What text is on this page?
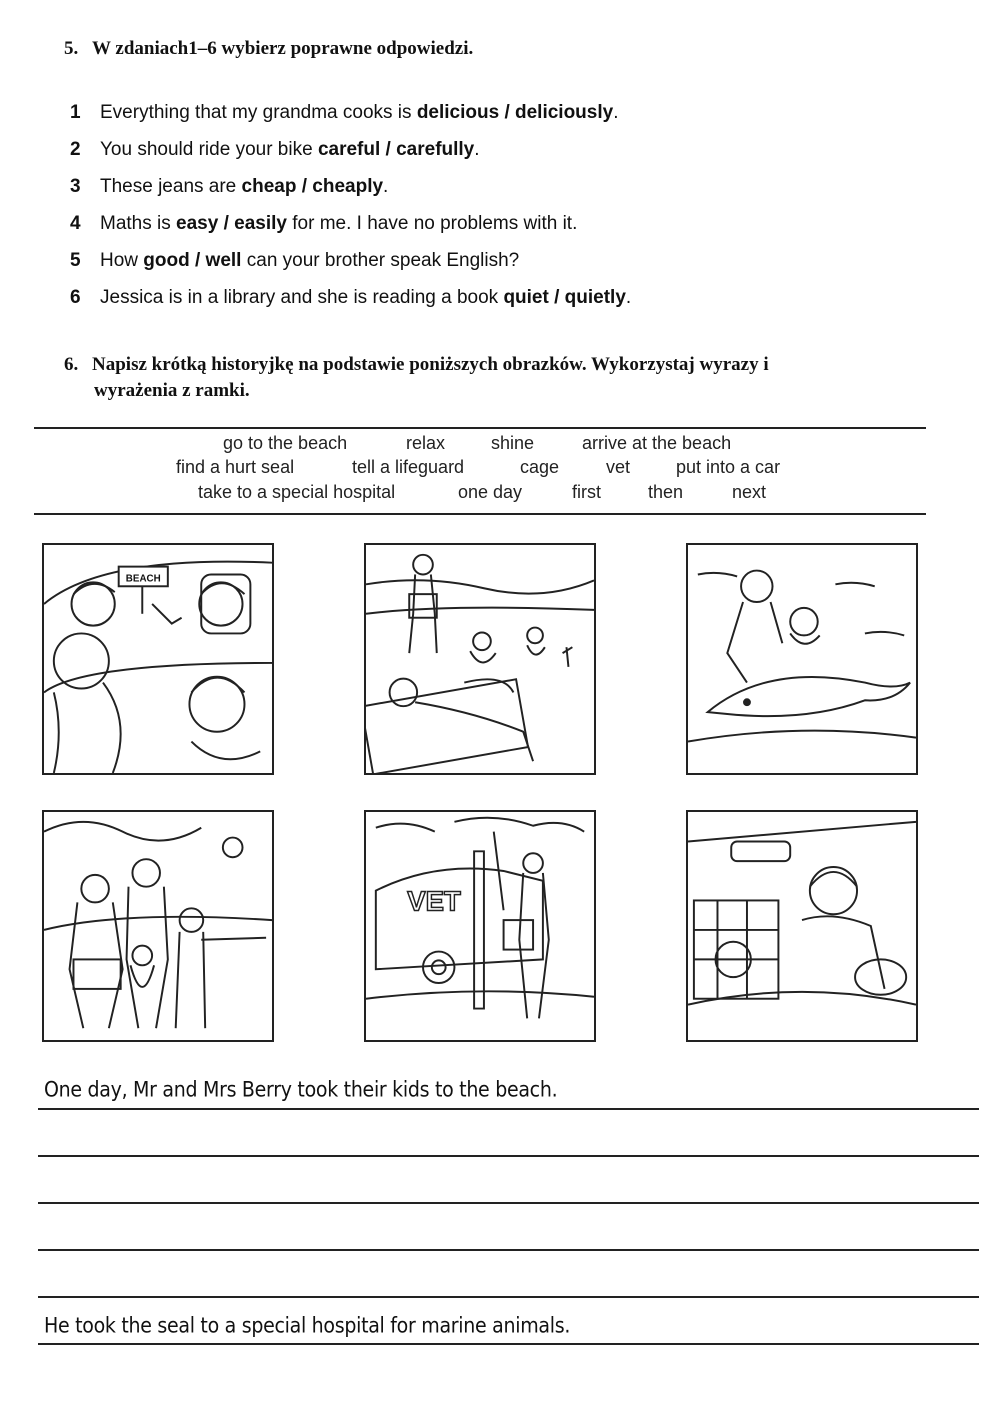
5. W zdaniach1–6 wybierz poprawne odpowiedzi.
1	Everything that my grandma cooks is delicious / deliciously.
2	You should ride your bike careful / carefully.
3	These jeans are cheap / cheaply.
4	Maths is easy / easily for me. I have no problems with it.
5	How good / well can your brother speak English?
6	Jessica is in a library and she is reading a book quiet / quietly.
6. Napisz krótką historyjkę na podstawie poniższych obrazków. Wykorzystaj wyrazy i
wyrażenia z ramki.
go to the beach	relax	shine	arrive at the beach
find a hurt seal	tell a lifeguard	cage	vet	put into a car
take to a special hospital	one day	first	then	next
BEACH
VET
One day, Mr and Mrs Berry took their kids to the beach.
He took the seal to a special hospital for marine animals.
